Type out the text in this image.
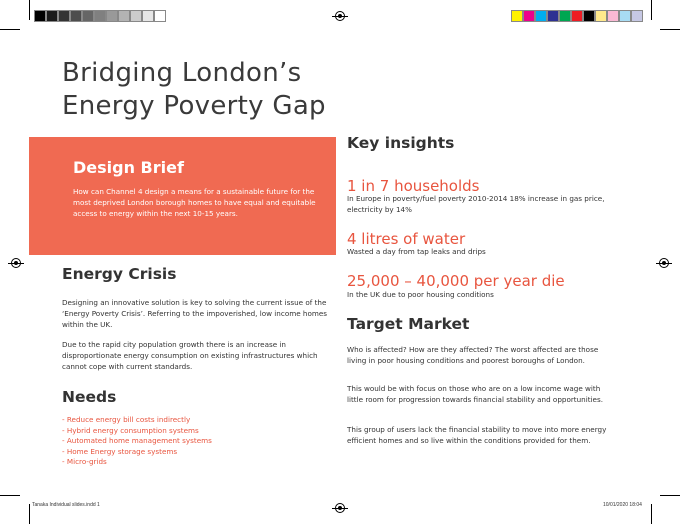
Tanaka Individual slides.indd 1	10/01/2020 18:04
Bridging London’s
Energy Poverty Gap
Design Brief
How can Channel 4 design a means for a sustainable future for the most deprived London borough homes to have equal and equitable access to energy within the next 10-15 years.
Energy Crisis
Designing an innovative solution is key to solving the current issue of the ‘Energy Poverty Crisis’. Referring to the impoverished, low income homes within the UK.
Due to the rapid city population growth there is an increase in disproportionate energy consumption on existing infrastructures which cannot cope with current standards.
Needs
- Reduce energy bill costs indirectly
- Hybrid energy consumption systems
- Automated home management systems
- Home Energy storage systems
- Micro-grids
Key insights
1 in 7 households
In Europe in poverty/fuel poverty 2010-2014 18% increase in gas price, electricity by 14%
4 litres of water
Wasted a day from tap leaks and drips
25,000 – 40,000 per year die
In the UK due to poor housing conditions
Target Market
Who is affected? How are they affected? The worst affected are those living in poor housing conditions and poorest boroughs of London.
This would be with focus on those who are on a low income wage with little room for progression towards financial stability and opportunities.
This group of users lack the financial stability to move into more energy efficient homes and so live within the conditions provided for them.
